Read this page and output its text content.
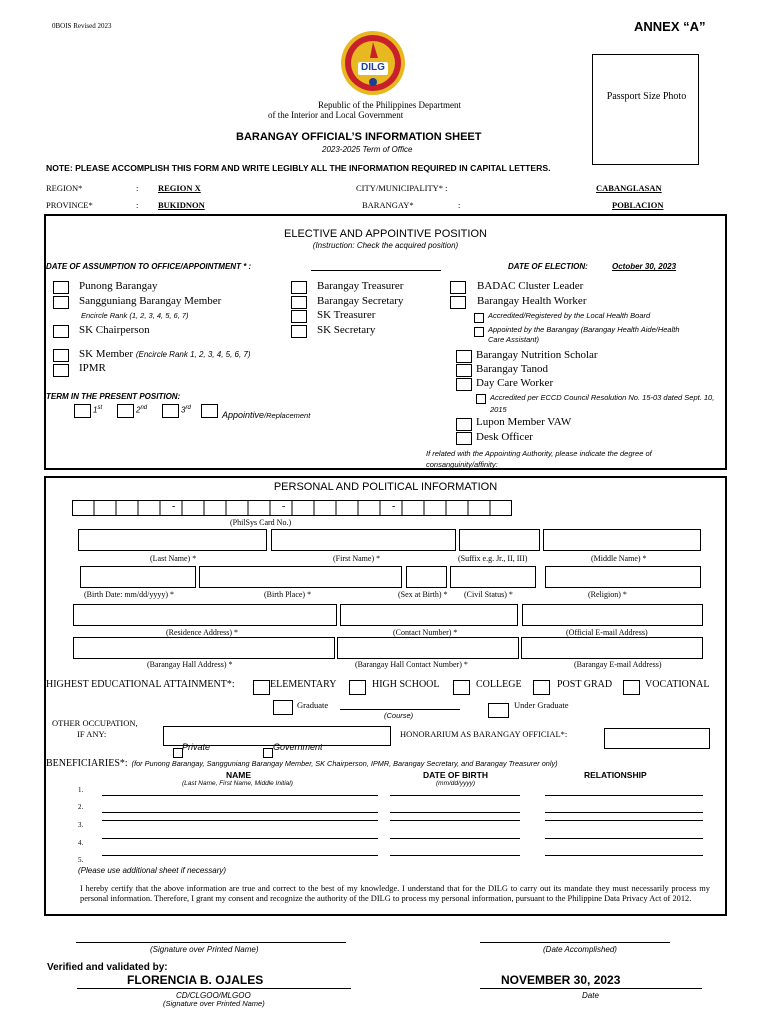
0BOIS Revised 2023	ANNEX “A”
DILG
Passport Size Photo
Republic of the Philippines Department
of the Interior and Local Government
BARANGAY OFFICIAL’S INFORMATION SHEET
2023-2025 Term of Office
NOTE: PLEASE ACCOMPLISH THIS FORM AND WRITE LEGIBLY ALL THE INFORMATION REQUIRED IN CAPITAL LETTERS.
REGION*	: REGION X
PROVINCE*	: BUKIDNON
CITY/MUNICIPALITY* :	CABANGLASAN
BARANGAY*	:	POBLACION
ELECTIVE AND APPOINTIVE POSITION
(Instruction: Check the acquired position)
DATE OF ASSUMPTION TO OFFICE/APPOINTMENT * :	DATE OF ELECTION:	October 30, 2023
Punong Barangay
Sangguniang Barangay Member
Encircle Rank (1, 2, 3, 4, 5, 6, 7)
SK Chairperson
SK Member (Encircle Rank 1, 2, 3, 4, 5, 6, 7)
IPMR
Barangay Treasurer
Barangay Secretary
SK Treasurer
SK Secretary
BADAC Cluster Leader
Barangay Health Worker
Accredited/Registered by the Local Health Board
Appointed by the Barangay (Barangay Health Aide/Health Care Assistant)
Barangay Nutrition Scholar
Barangay Tanod
Day Care Worker
Accredited per ECCD Council Resolution No. 15-03 dated Sept. 10, 2015
Lupon Member VAW
Desk Officer
If related with the Appointing Authority, please indicate the degree of consanguinity/affinity:
TERM IN THE PRESENT POSITION:
1st	2nd	3rd
Appointive/Replacement
PERSONAL AND POLITICAL INFORMATION
-	-	-
(PhilSys Card No.)
(Last Name) *	(First Name) *	(Suffix e.g. Jr., II, III)	(Middle Name) *
(Birth Date: mm/dd/yyyy) *	(Birth Place) *	(Sex at Birth) * (Civil Status) *	(Religion) *
(Residence Address) *	(Contact Number) *	(Official E-mail Address)
(Barangay Hall Address) *	(Barangay Hall Contact Number) *	(Barangay E-mail Address)
HIGHEST EDUCATIONAL ATTAINMENT*:	ELEMENTARY	HIGH SCHOOL	COLLEGE	POST GRAD	VOCATIONAL
Graduate
(Course)
Under Graduate
OTHER OCCUPATION,
IF ANY:	HONORARIUM AS BARANGAY OFFICIAL*:
Private	Government
BENEFICIARIES*: (for Punong Barangay, Sangguniang Barangay Member, SK Chairperson, IPMR, Barangay Secretary, and Barangay Treasurer only)
NAME
(Last Name, First Name, Middle Initial)
DATE OF BIRTH
(mm/dd/yyyy)
RELATIONSHIP
1.
2.
3.
4.
5.
(Please use additional sheet if necessary)
I hereby certify that the above information are true and correct to the best of my knowledge. I understand that for the DILG to carry out its mandate they must necessarily process my personal information. Therefore, I grant my consent and recognize the authority of the DILG to process my personal information, pursuant to the Philippine Data Privacy Act of 2012.
(Signature over Printed Name)	(Date Accomplished)
Verified and validated by:
FLORENCIA B. OJALES
CD/CLGOO/MLGOO
(Signature over Printed Name)
NOVEMBER 30, 2023
Date
